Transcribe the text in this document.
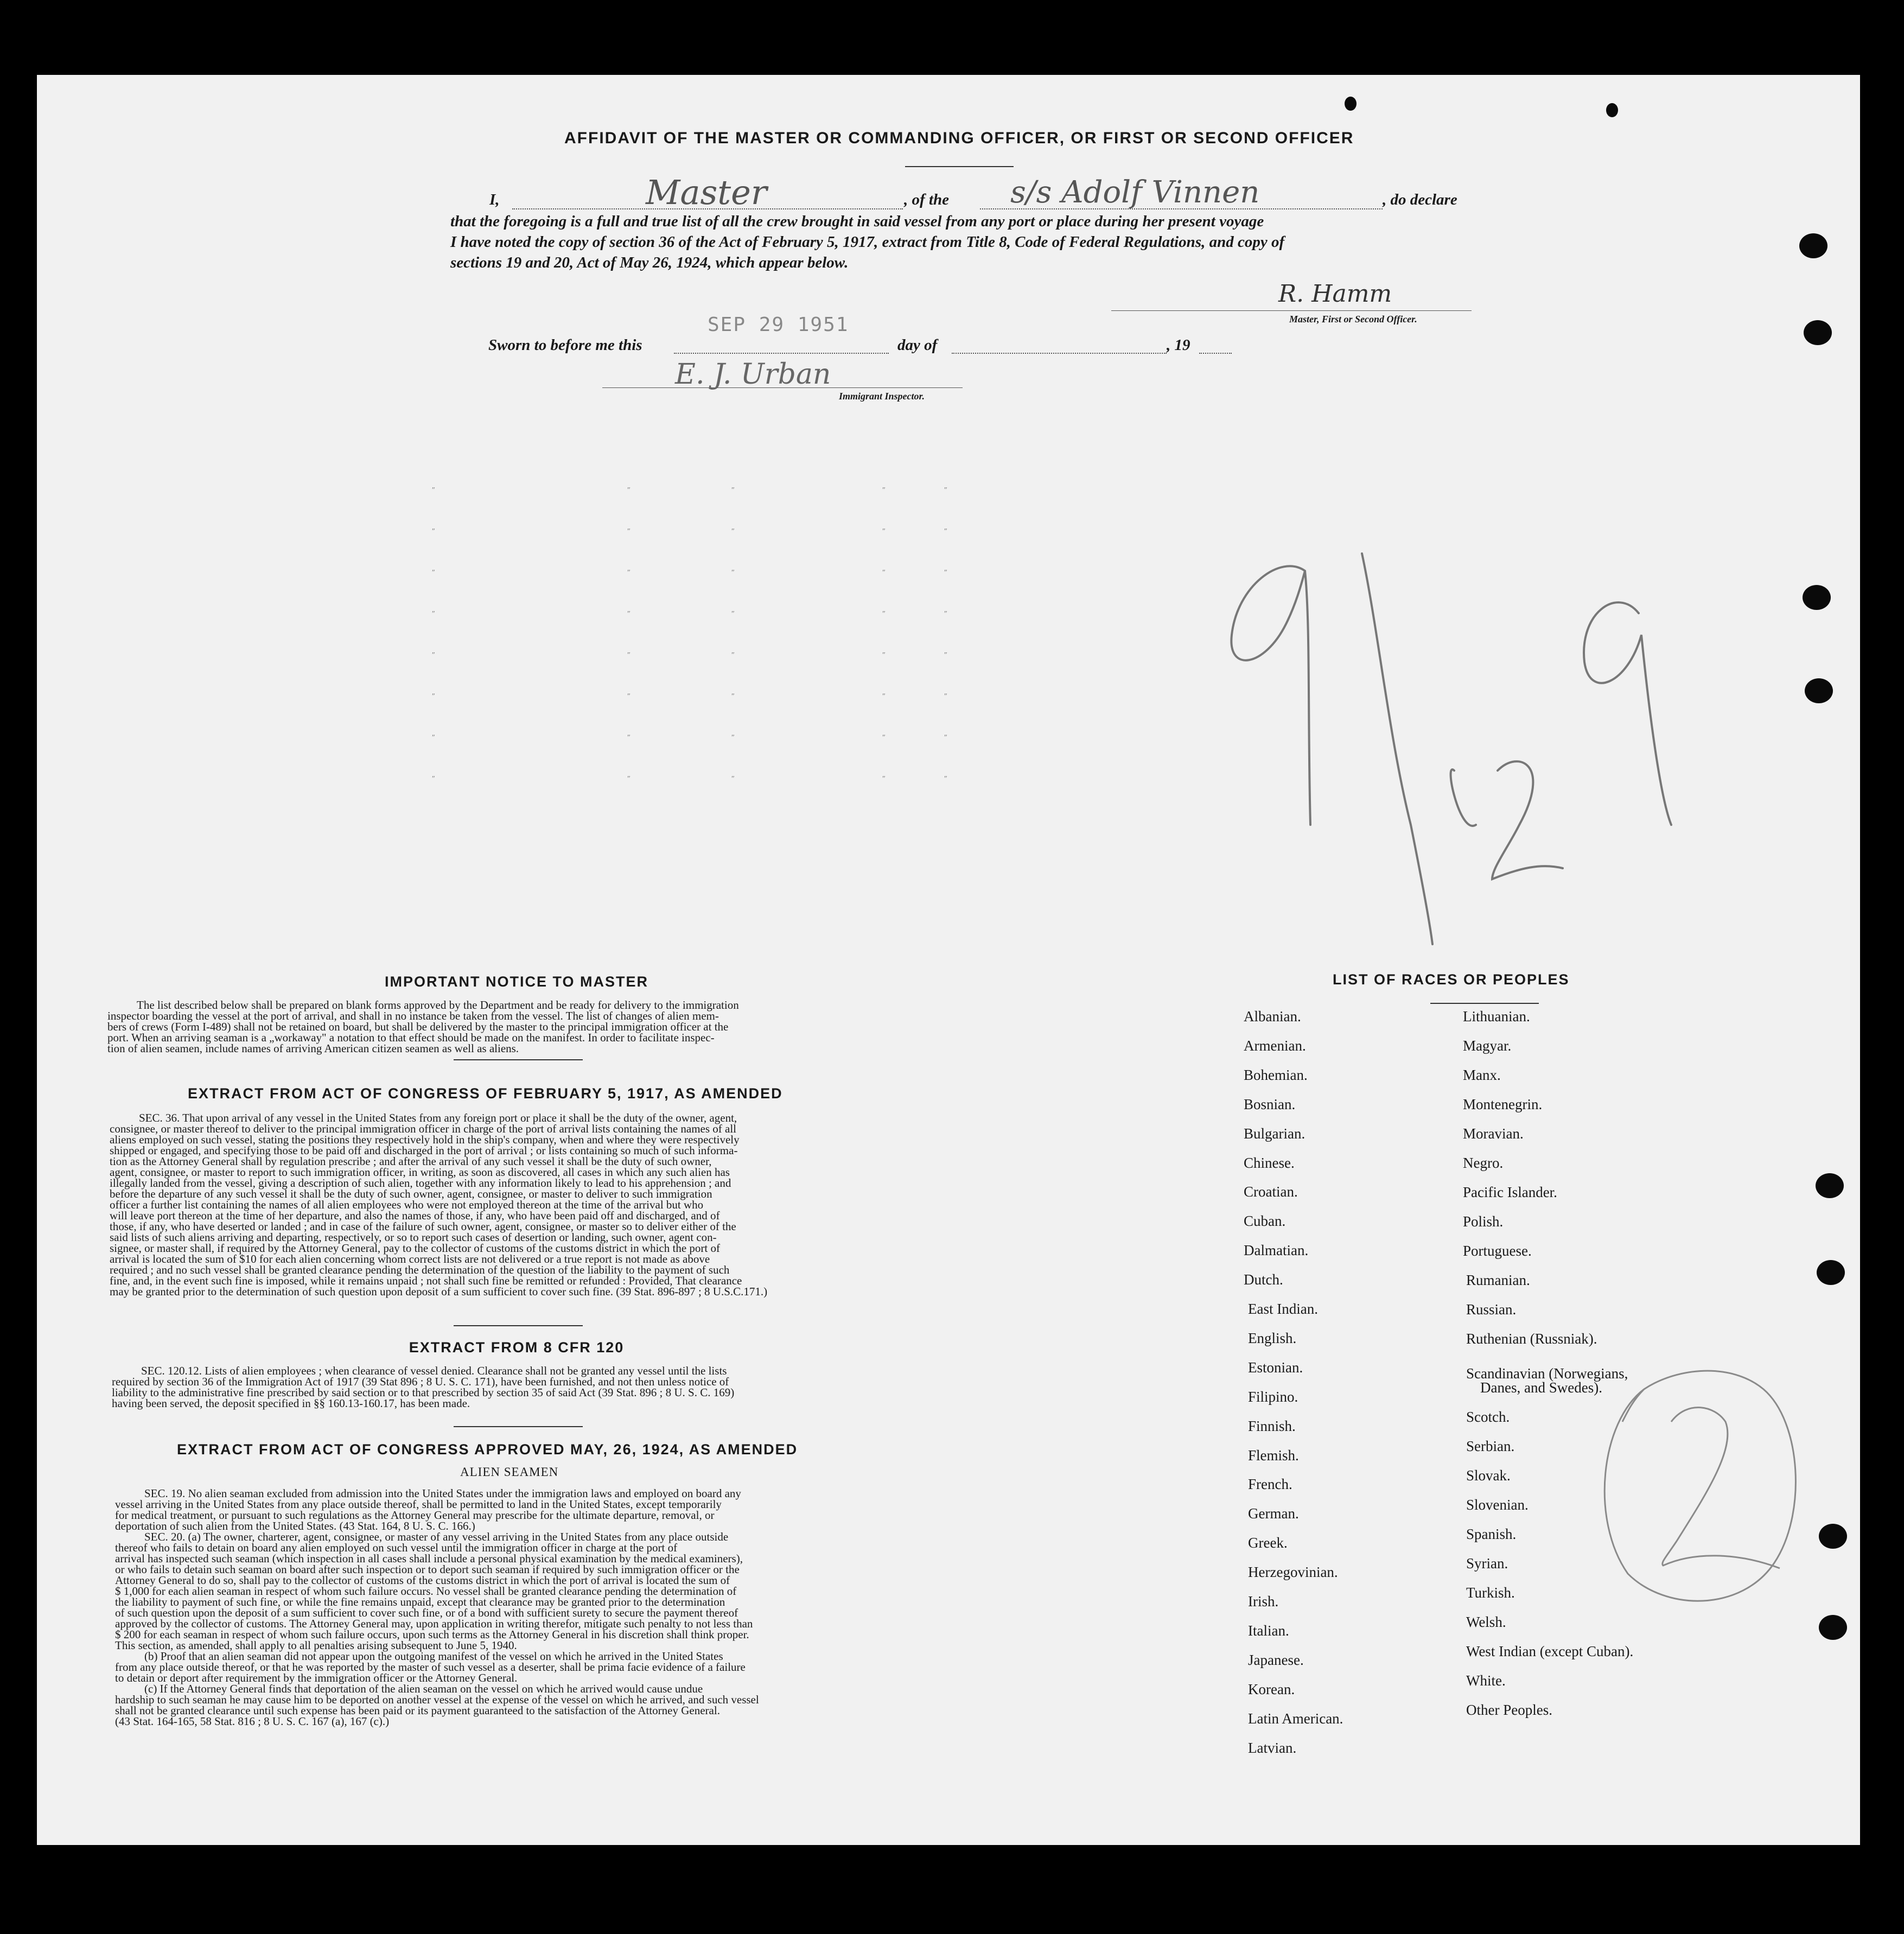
AFFIDAVIT OF THE MASTER OR COMMANDING OFFICER, OR FIRST OR SECOND OFFICER
I,	Master	, of the s/s Adolf Vinnen	, do declare
that the foregoing is a full and true list of all the crew brought in said vessel from any port or place during her present voyage
I have noted the copy of section 36 of the Act of February 5, 1917, extract from Title 8, Code of Federal Regulations, and copy of
sections 19 and 20, Act of May 26, 1924, which appear below.
R. Hamm
Master, First or Second Officer.
Sworn to before me this
SEP 29 1951
day of	, 19
E. J. Urban
Immigrant Inspector.
″	″	″	″	″
″	″	″	″	″
″	″	″	″	″
″	″	″	″	″
″	″	″	″	″
″	″	″	″	″
″	″	″	″	″
″	″	″	″	″
IMPORTANT NOTICE TO MASTER
The list described below shall be prepared on blank forms approved by the Department and be ready for delivery to the immigration
inspector boarding the vessel at the port of arrival, and shall in no instance be taken from the vessel. The list of changes of alien mem-
bers of crews (Form I-489) shall not be retained on board, but shall be delivered by the master to the principal immigration officer at the
port. When an arriving seaman is a „workaway" a notation to that effect should be made on the manifest. In order to facilitate inspec-
tion of alien seamen, include names of arriving American citizen seamen as well as aliens.
EXTRACT FROM ACT OF CONGRESS OF FEBRUARY 5, 1917, AS AMENDED
SEC. 36. That upon arrival of any vessel in the United States from any foreign port or place it shall be the duty of the owner, agent,
consignee, or master thereof to deliver to the principal immigration officer in charge of the port of arrival lists containing the names of all
aliens employed on such vessel, stating the positions they respectively hold in the ship's company, when and where they were respectively
shipped or engaged, and specifying those to be paid off and discharged in the port of arrival ; or lists containing so much of such informa-
tion as the Attorney General shall by regulation prescribe ; and after the arrival of any such vessel it shall be the duty of such owner,
agent, consignee, or master to report to such immigration officer, in writing, as soon as discovered, all cases in which any such alien has
illegally landed from the vessel, giving a description of such alien, together with any information likely to lead to his apprehension ; and
before the departure of any such vessel it shall be the duty of such owner, agent, consignee, or master to deliver to such immigration
officer a further list containing the names of all alien employees who were not employed thereon at the time of the arrival but who
will leave port thereon at the time of her departure, and also the names of those, if any, who have been paid off and discharged, and of
those, if any, who have deserted or landed ; and in case of the failure of such owner, agent, consignee, or master so to deliver either of the
said lists of such aliens arriving and departing, respectively, or so to report such cases of desertion or landing, such owner, agent con-
signee, or master shall, if required by the Attorney General, pay to the collector of customs of the customs district in which the port of
arrival is located the sum of $10 for each alien concerning whom correct lists are not delivered or a true report is not made as above
required ; and no such vessel shall be granted clearance pending the determination of the question of the liability to the payment of such
fine, and, in the event such fine is imposed, while it remains unpaid ; not shall such fine be remitted or refunded : Provided, That clearance
may be granted prior to the determination of such question upon deposit of a sum sufficient to cover such fine. (39 Stat. 896-897 ; 8 U.S.C.171.)
EXTRACT FROM 8 CFR 120
SEC. 120.12. Lists of alien employees ; when clearance of vessel denied. Clearance shall not be granted any vessel until the lists
required by section 36 of the Immigration Act of 1917 (39 Stat 896 ; 8 U. S. C. 171), have been furnished, and not then unless notice of
liability to the administrative fine prescribed by said section or to that prescribed by section 35 of said Act (39 Stat. 896 ; 8 U. S. C. 169)
having been served, the deposit specified in §§ 160.13-160.17, has been made.
EXTRACT FROM ACT OF CONGRESS APPROVED MAY, 26, 1924, AS AMENDED
ALIEN SEAMEN
SEC. 19. No alien seaman excluded from admission into the United States under the immigration laws and employed on board any
vessel arriving in the United States from any place outside thereof, shall be permitted to land in the United States, except temporarily
for medical treatment, or pursuant to such regulations as the Attorney General may prescribe for the ultimate departure, removal, or
deportation of such alien from the United States. (43 Stat. 164, 8 U. S. C. 166.)
SEC. 20. (a) The owner, charterer, agent, consignee, or master of any vessel arriving in the United States from any place outside
thereof who fails to detain on board any alien employed on such vessel until the immigration officer in charge at the port of
arrival has inspected such seaman (which inspection in all cases shall include a personal physical examination by the medical examiners),
or who fails to detain such seaman on board after such inspection or to deport such seaman if required by such immigration officer or the
Attorney General to do so, shall pay to the collector of customs of the customs district in which the port of arrival is located the sum of
$ 1,000 for each alien seaman in respect of whom such failure occurs. No vessel shall be granted clearance pending the determination of
the liability to payment of such fine, or while the fine remains unpaid, except that clearance may be granted prior to the determination
of such question upon the deposit of a sum sufficient to cover such fine, or of a bond with sufficient surety to secure the payment thereof
approved by the collector of customs. The Attorney General may, upon application in writing therefor, mitigate such penalty to not less than
$ 200 for each seaman in respect of whom such failure occurs, upon such terms as the Attorney General in his discretion shall think proper.
This section, as amended, shall apply to all penalties arising subsequent to June 5, 1940.
(b) Proof that an alien seaman did not appear upon the outgoing manifest of the vessel on which he arrived in the United States
from any place outside thereof, or that he was reported by the master of such vessel as a deserter, shall be prima facie evidence of a failure
to detain or deport after requirement by the immigration officer or the Attorney General.
(c) If the Attorney General finds that deportation of the alien seaman on the vessel on which he arrived would cause undue
hardship to such seaman he may cause him to be deported on another vessel at the expense of the vessel on which he arrived, and such vessel
shall not be granted clearance until such expense has been paid or its payment guaranteed to the satisfaction of the Attorney General.
(43 Stat. 164-165, 58 Stat. 816 ; 8 U. S. C. 167 (a), 167 (c).)
LIST OF RACES OR PEOPLES
Albanian.
Armenian.
Bohemian.
Bosnian.
Bulgarian.
Chinese.
Croatian.
Cuban.
Dalmatian.
Dutch.
East Indian.
English.
Estonian.
Filipino.
Finnish.
Flemish.
French.
German.
Greek.
Herzegovinian.
Irish.
Italian.
Japanese.
Korean.
Latin American.
Latvian.
Lithuanian.
Magyar.
Manx.
Montenegrin.
Moravian.
Negro.
Pacific Islander.
Polish.
Portuguese.
Rumanian.
Russian.
Ruthenian (Russniak).
Scandinavian (Norwegians,
Danes, and Swedes).
Scotch.
Serbian.
Slovak.
Slovenian.
Spanish.
Syrian.
Turkish.
Welsh.
West Indian (except Cuban).
White.
Other Peoples.
